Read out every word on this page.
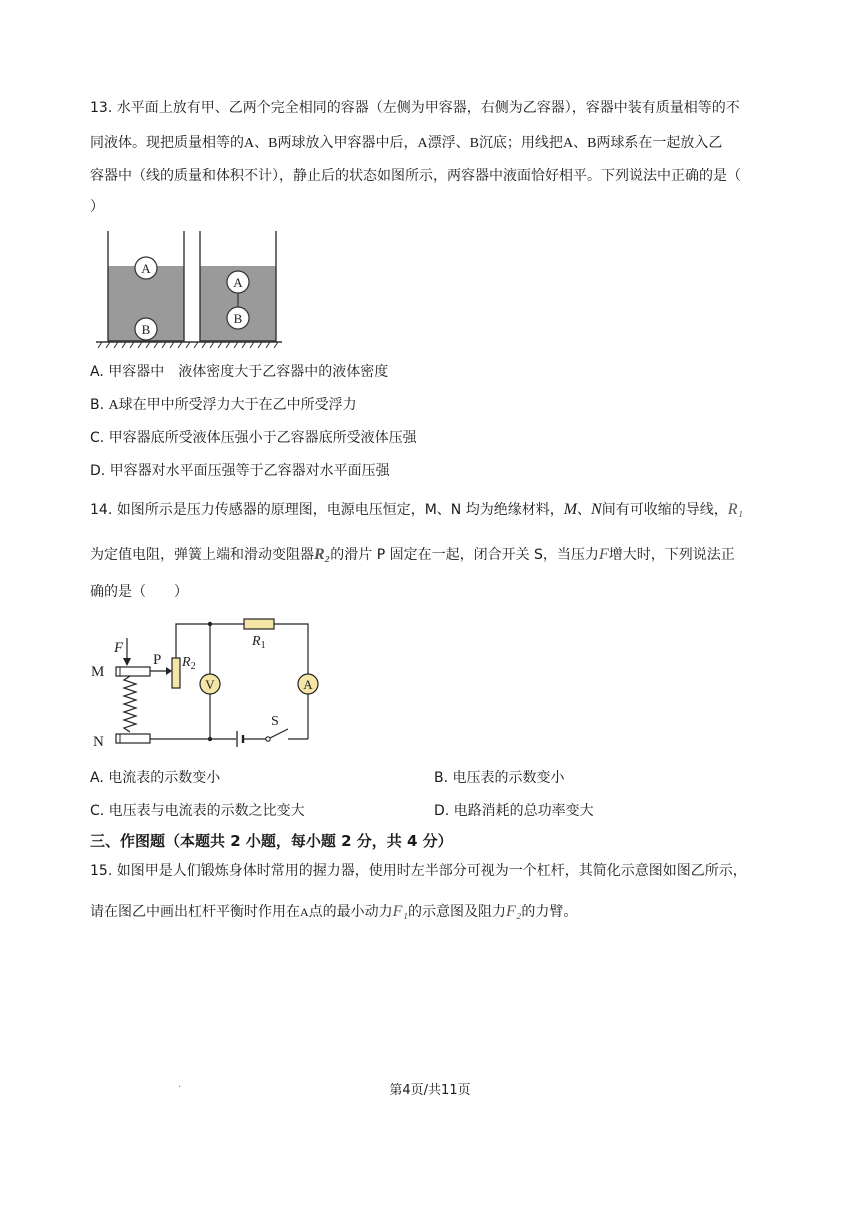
13. 水平面上放有甲、乙两个完全相同的容器（左侧为甲容器，右侧为乙容器），容器中装有质量相等的不
同液体。现把质量相等的A、B两球放入甲容器中后，A漂浮、B沉底；用线把A、B两球系在一起放入乙
容器中（线的质量和体积不计），静止后的状态如图所示，两容器中液面恰好相平。下列说法中正确的是（
）
A
B
A
B
A. 甲容器中　液体密度大于乙容器中的液体密度
B. A球在甲中所受浮力大于在乙中所受浮力
C. 甲容器底所受液体压强小于乙容器底所受液体压强
D. 甲容器对水平面压强等于乙容器对水平面压强
14. 如图所示是压力传感器的原理图，电源电压恒定，M、N 均为绝缘材料，M、N间有可收缩的导线，R₁
为定值电阻，弹簧上端和滑动变阻器R₂的滑片 P 固定在一起，闭合开关 S，当压力F增大时，下列说法正
确的是（　　）
F
M
N
P $R_2$
V
$R_1$
A
S
A. 电流表的示数变小	B. 电压表的示数变小
C. 电压表与电流表的示数之比变大	D. 电路消耗的总功率变大
三、作图题（本题共 2 小题，每小题 2 分，共 4 分）
15. 如图甲是人们锻炼身体时常用的握力器，使用时左半部分可视为一个杠杆，其简化示意图如图乙所示，
请在图乙中画出杠杆平衡时作用在A点的最小动力F₁的示意图及阻力F₂的力臂。
.	第4页/共11页
